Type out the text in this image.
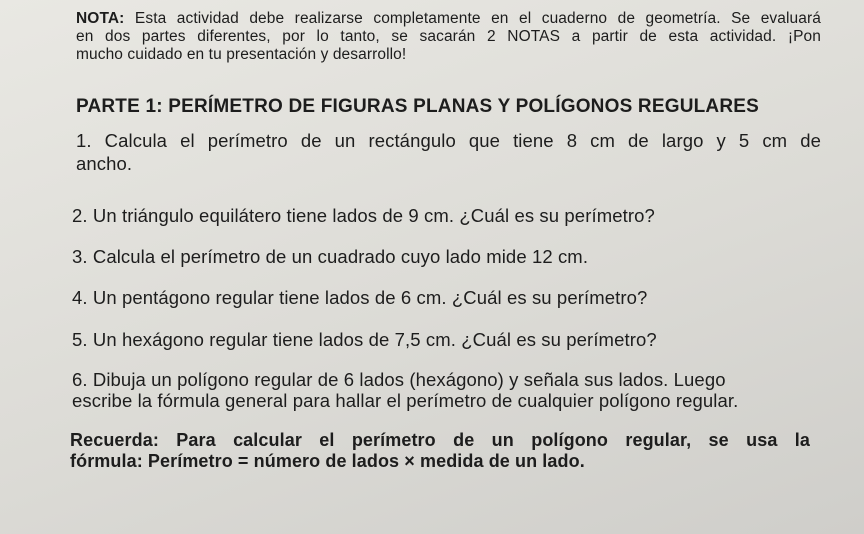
NOTA: Esta actividad debe realizarse completamente en el cuaderno de geometría. Se evaluará
en dos partes diferentes, por lo tanto, se sacarán 2 NOTAS a partir de esta actividad. ¡Pon
mucho cuidado en tu presentación y desarrollo!
PARTE 1: PERÍMETRO DE FIGURAS PLANAS Y POLÍGONOS REGULARES
1. Calcula el perímetro de un rectángulo que tiene 8 cm de largo y 5 cm de
ancho.
2. Un triángulo equilátero tiene lados de 9 cm. ¿Cuál es su perímetro?
3. Calcula el perímetro de un cuadrado cuyo lado mide 12 cm.
4. Un pentágono regular tiene lados de 6 cm. ¿Cuál es su perímetro?
5. Un hexágono regular tiene lados de 7,5 cm. ¿Cuál es su perímetro?
6. Dibuja un polígono regular de 6 lados (hexágono) y señala sus lados. Luego
escribe la fórmula general para hallar el perímetro de cualquier polígono regular.
Recuerda: Para calcular el perímetro de un polígono regular, se usa la
fórmula: Perímetro = número de lados × medida de un lado.
